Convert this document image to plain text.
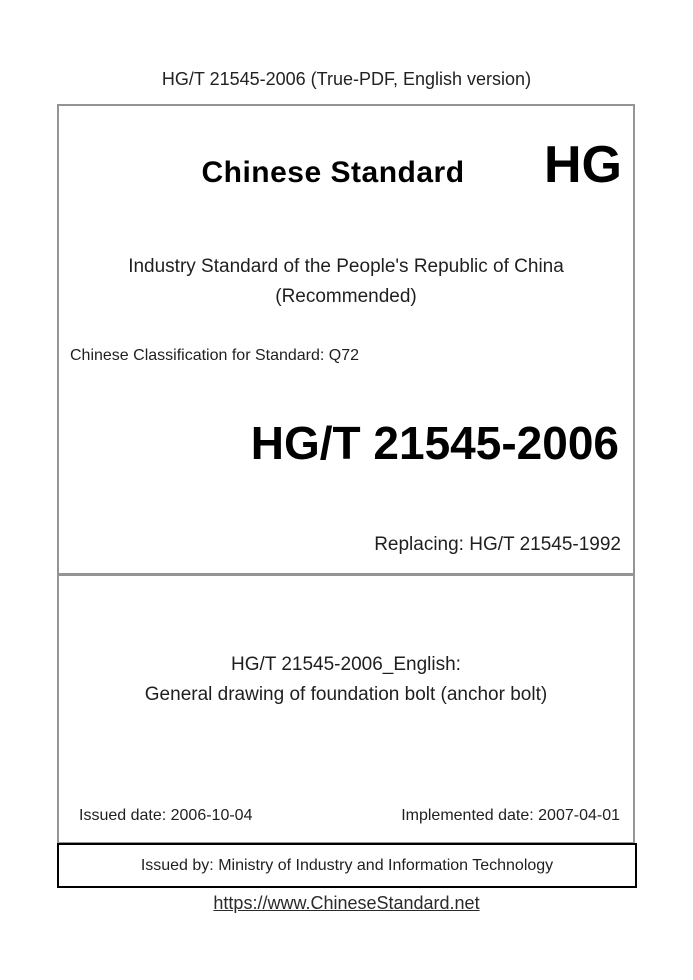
HG/T 21545-2006 (True-PDF, English version)
Chinese Standard	HG
Industry Standard of the People's Republic of China
(Recommended)
Chinese Classification for Standard: Q72
HG/T 21545-2006
Replacing: HG/T 21545-1992
HG/T 21545-2006_English:
General drawing of foundation bolt (anchor bolt)
Issued date: 2006-10-04	Implemented date: 2007-04-01
Issued by: Ministry of Industry and Information Technology
https://www.ChineseStandard.net
